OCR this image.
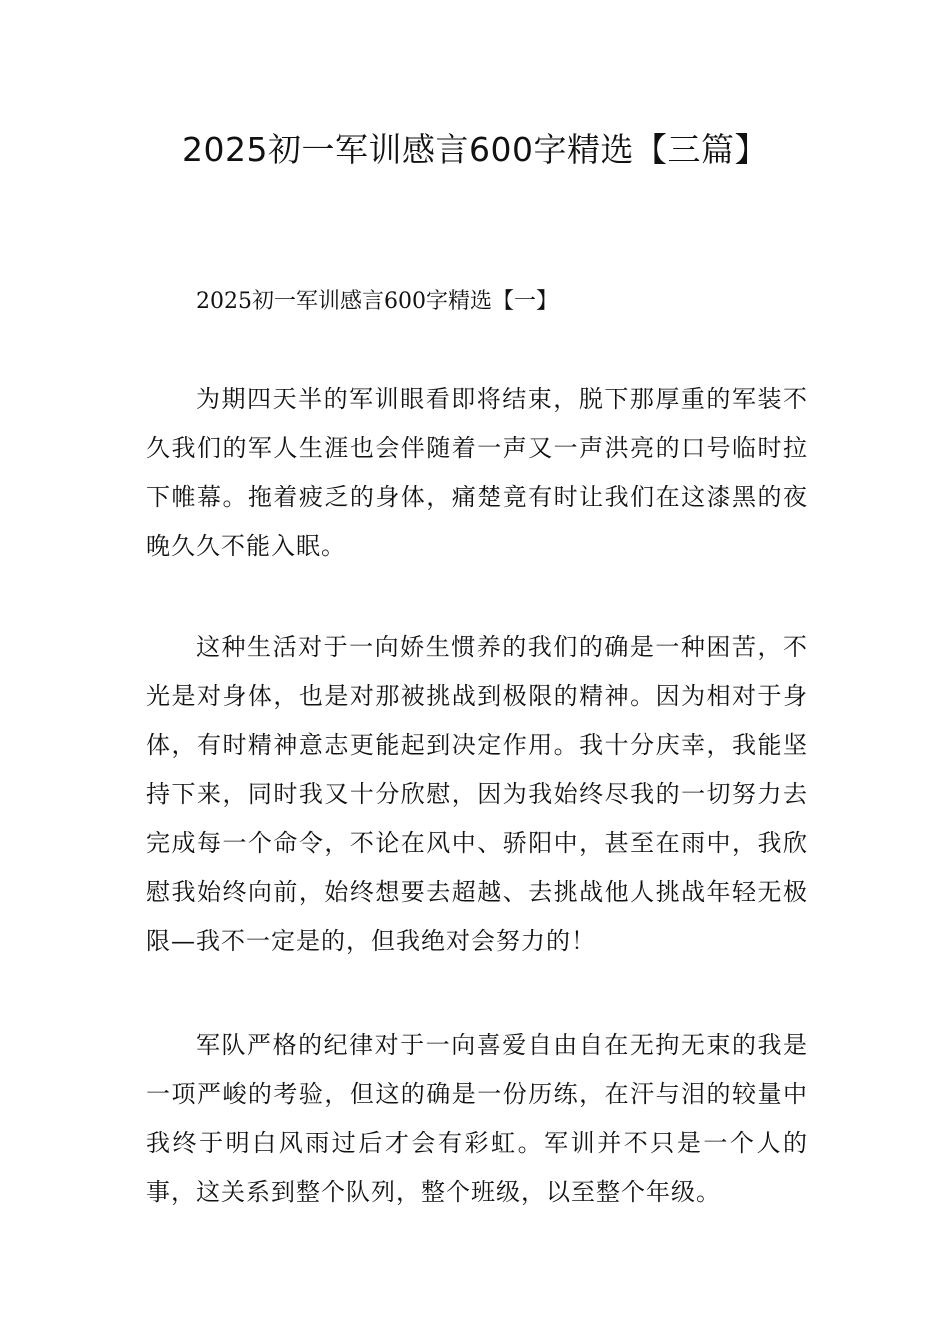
2025初一军训感言600字精选【三篇】
2025初一军训感言600字精选【一】

为期四天半的军训眼看即将结束，脱下那厚重的军装不久我们的军人生涯也会伴随着一声又一声洪亮的口号临时拉下帷幕。拖着疲乏的身体，痛楚竟有时让我们在这漆黑的夜晚久久不能入眠。

这种生活对于一向娇生惯养的我们的确是一种困苦，不光是对身体，也是对那被挑战到极限的精神。因为相对于身体，有时精神意志更能起到决定作用。我十分庆幸，我能坚持下来，同时我又十分欣慰，因为我始终尽我的一切努力去完成每一个命令，不论在风中、骄阳中，甚至在雨中，我欣慰我始终向前，始终想要去超越、去挑战他人挑战年轻无极限—我不一定是的，但我绝对会努力的！

军队严格的纪律对于一向喜爱自由自在无拘无束的我是一项严峻的考验，但这的确是一份历练，在汗与泪的较量中我终于明白风雨过后才会有彩虹。军训并不只是一个人的事，这关系到整个队列，整个班级，以至整个年级。
